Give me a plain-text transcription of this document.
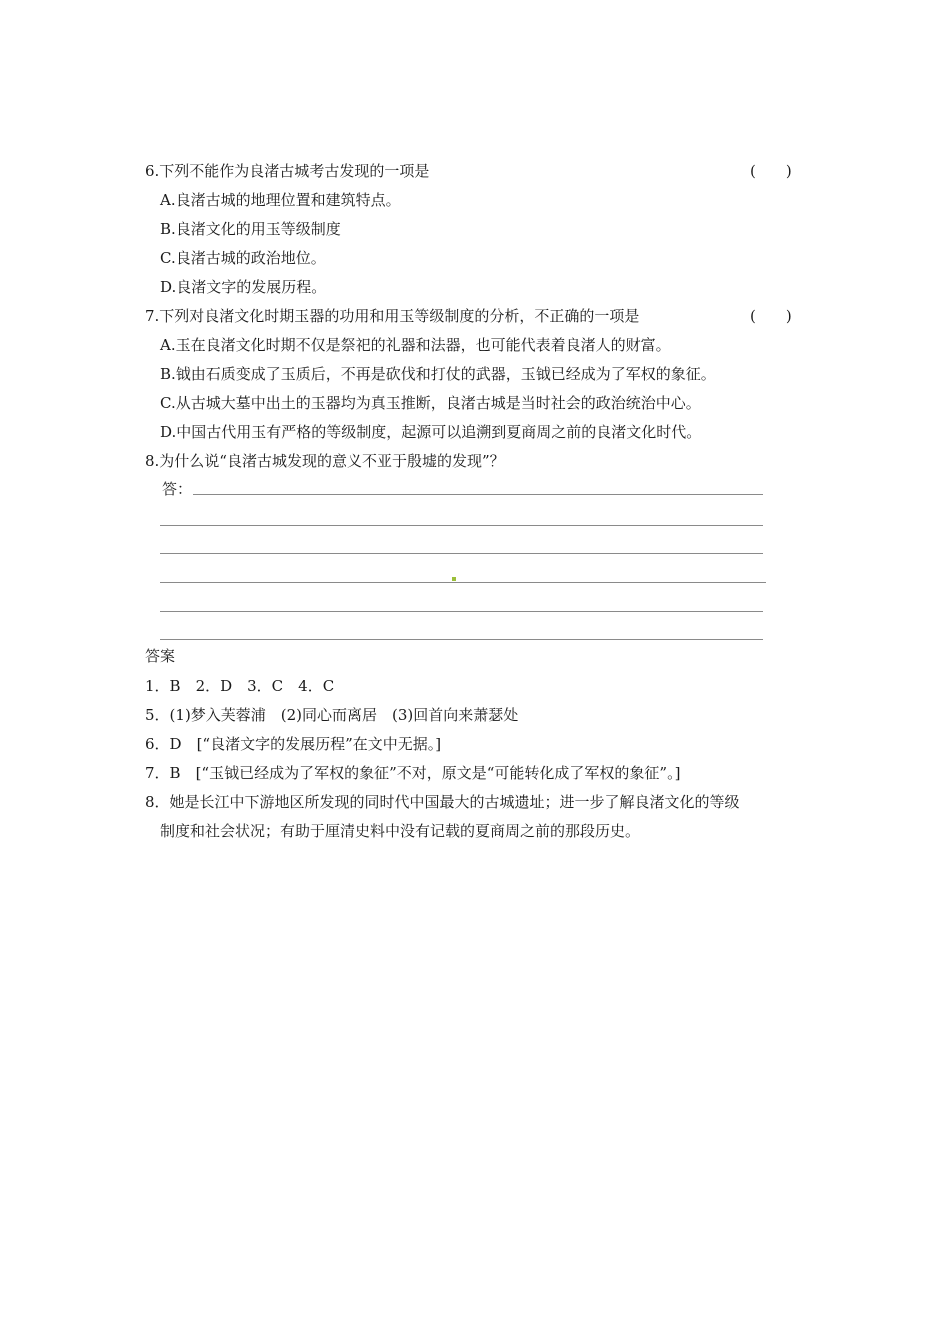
6.下列不能作为良渚古城考古发现的一项是	(　　)
A.良渚古城的地理位置和建筑特点。
B.良渚文化的用玉等级制度
C.良渚古城的政治地位。
D.良渚文字的发展历程。
7.下列对良渚文化时期玉器的功用和用玉等级制度的分析，不正确的一项是	(　　)
A.玉在良渚文化时期不仅是祭祀的礼器和法器，也可能代表着良渚人的财富。
B.钺由石质变成了玉质后，不再是砍伐和打仗的武器，玉钺已经成为了军权的象征。
C.从古城大墓中出土的玉器均为真玉推断，良渚古城是当时社会的政治统治中心。
D.中国古代用玉有严格的等级制度，起源可以追溯到夏商周之前的良渚文化时代。
8.为什么说“良渚古城发现的意义不亚于殷墟的发现”？
答：
答案
1．B　2．D　3．C　4．C
5．(1)梦入芙蓉浦　(2)同心而离居　(3)回首向来萧瑟处
6．D　[“良渚文字的发展历程”在文中无据。]
7．B　[“玉钺已经成为了军权的象征”不对，原文是“可能转化成了军权的象征”。]
8．她是长江中下游地区所发现的同时代中国最大的古城遗址；进一步了解良渚文化的等级
制度和社会状况；有助于厘清史料中没有记载的夏商周之前的那段历史。
